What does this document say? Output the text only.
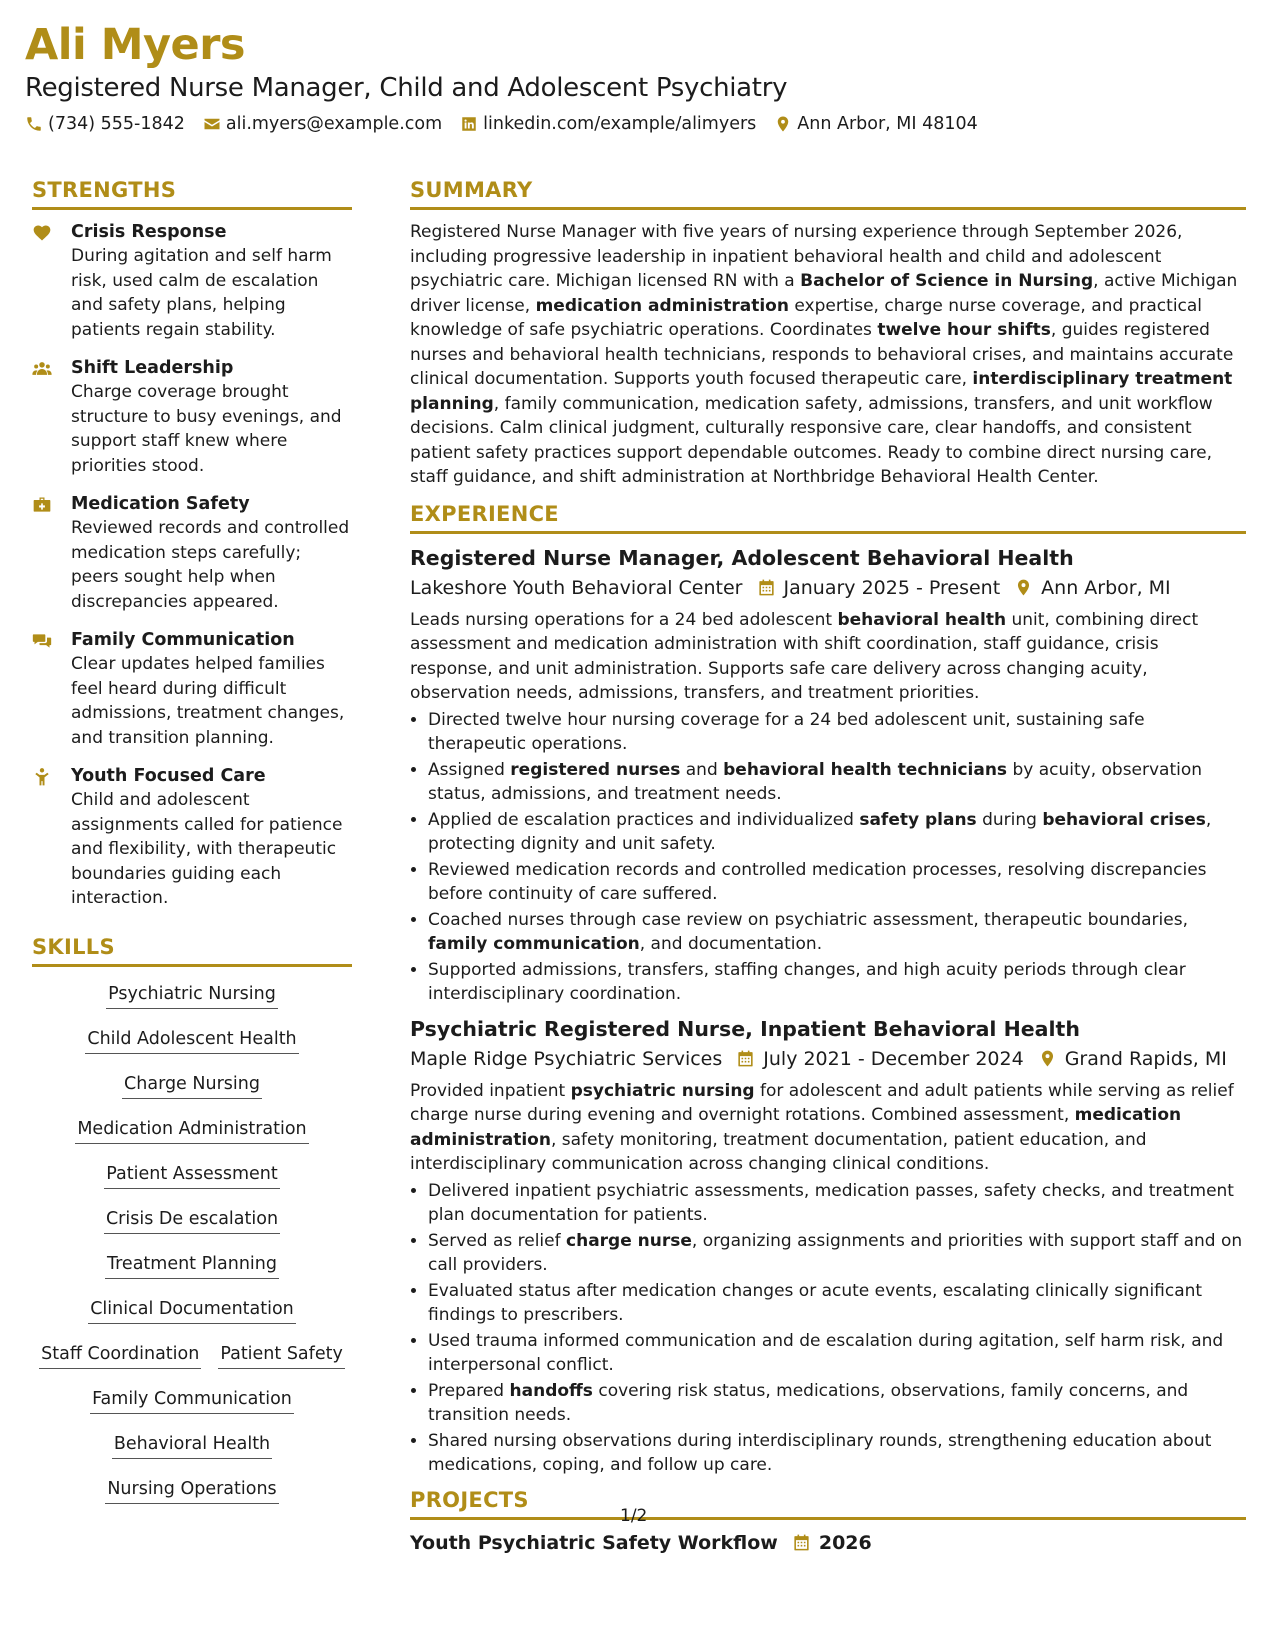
Ali Myers
Registered Nurse Manager, Child and Adolescent Psychiatry
(734) 555-1842 ali.myers@example.com linkedin.com/example/alimyers Ann Arbor, MI 48104
STRENGTHS
Crisis Response

During agitation and self harm risk, used calm de escalation and safety plans, helping patients regain stability.

Shift Leadership

Charge coverage brought structure to busy evenings, and support staff knew where priorities stood.

Medication Safety

Reviewed records and controlled medication steps carefully; peers sought help when discrepancies appeared.

Family Communication

Clear updates helped families feel heard during difficult admissions, treatment changes, and transition planning.

Youth Focused Care

Child and adolescent assignments called for patience and flexibility, with therapeutic boundaries guiding each interaction.

SKILLS
Psychiatric Nursing
Child Adolescent Health
Charge Nursing
Medication Administration
Patient Assessment
Crisis De escalation
Treatment Planning
Clinical Documentation
Staff Coordination Patient Safety
Family Communication
Behavioral Health
Nursing Operations
SUMMARY

Registered Nurse Manager with five years of nursing experience through September 2026, including progressive leadership in inpatient behavioral health and child and adolescent psychiatric care. Michigan licensed RN with a Bachelor of Science in Nursing, active Michigan driver license, medication administration expertise, charge nurse coverage, and practical knowledge of safe psychiatric operations. Coordinates twelve hour shifts, guides registered nurses and behavioral health technicians, responds to behavioral crises, and maintains accurate clinical documentation. Supports youth focused therapeutic care, interdisciplinary treatment planning, family communication, medication safety, admissions, transfers, and unit workflow decisions. Calm clinical judgment, culturally responsive care, clear handoffs, and consistent patient safety practices support dependable outcomes. Ready to combine direct nursing care, staff guidance, and shift administration at Northbridge Behavioral Health Center.

EXPERIENCE
Registered Nurse Manager, Adolescent Behavioral Health
Lakeshore Youth Behavioral Center January 2025 - Present Ann Arbor, MI

Leads nursing operations for a 24 bed adolescent behavioral health unit, combining direct assessment and medication administration with shift coordination, staff guidance, crisis response, and unit administration. Supports safe care delivery across changing acuity, observation needs, admissions, transfers, and treatment priorities.

• Directed twelve hour nursing coverage for a 24 bed adolescent unit, sustaining safe therapeutic operations.
• Assigned registered nurses and behavioral health technicians by acuity, observation status, admissions, and treatment needs.
• Applied de escalation practices and individualized safety plans during behavioral crises, protecting dignity and unit safety.
• Reviewed medication records and controlled medication processes, resolving discrepancies before continuity of care suffered.
• Coached nurses through case review on psychiatric assessment, therapeutic boundaries, family communication, and documentation.
• Supported admissions, transfers, staffing changes, and high acuity periods through clear interdisciplinary coordination.
Psychiatric Registered Nurse, Inpatient Behavioral Health
Maple Ridge Psychiatric Services July 2021 - December 2024 Grand Rapids, MI

Provided inpatient psychiatric nursing for adolescent and adult patients while serving as relief charge nurse during evening and overnight rotations. Combined assessment, medication administration, safety monitoring, treatment documentation, patient education, and interdisciplinary communication across changing clinical conditions.

• Delivered inpatient psychiatric assessments, medication passes, safety checks, and treatment plan documentation for patients.
• Served as relief charge nurse, organizing assignments and priorities with support staff and on call providers.
• Evaluated status after medication changes or acute events, escalating clinically significant findings to prescribers.
• Used trauma informed communication and de escalation during agitation, self harm risk, and interpersonal conflict.
• Prepared handoffs covering risk status, medications, observations, family concerns, and transition needs.
• Shared nursing observations during interdisciplinary rounds, strengthening education about medications, coping, and follow up care.
PROJECTS
Youth Psychiatric Safety Workflow 2026
1/2
